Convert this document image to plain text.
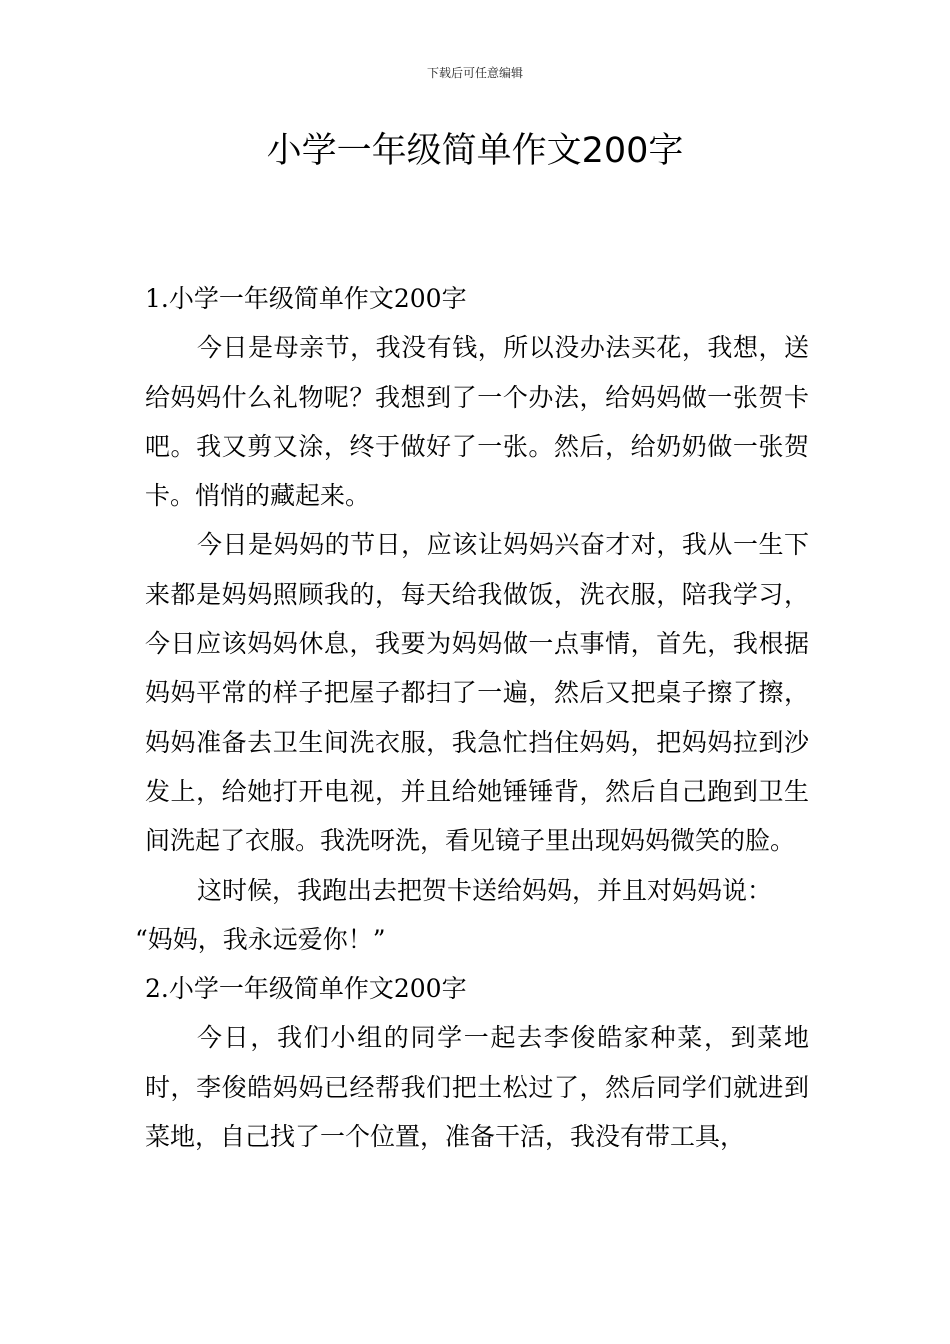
下载后可任意编辑
小学一年级简单作文200字

1.小学一年级简单作文200字

今日是母亲节，我没有钱，所以没办法买花，我想，送给妈妈什么礼物呢？我想到了一个办法，给妈妈做一张贺卡吧。我又剪又涂，终于做好了一张。然后，给奶奶做一张贺卡。悄悄的藏起来。

今日是妈妈的节日，应该让妈妈兴奋才对，我从一生下来都是妈妈照顾我的，每天给我做饭，洗衣服，陪我学习，今日应该妈妈休息，我要为妈妈做一点事情，首先，我根据妈妈平常的样子把屋子都扫了一遍，然后又把桌子擦了擦，妈妈准备去卫生间洗衣服，我急忙挡住妈妈，把妈妈拉到沙发上，给她打开电视，并且给她锤锤背，然后自己跑到卫生间洗起了衣服。我洗呀洗，看见镜子里出现妈妈微笑的脸。

这时候，我跑出去把贺卡送给妈妈，并且对妈妈说：

“妈妈，我永远爱你！”

2.小学一年级简单作文200字

今日，我们小组的同学一起去李俊皓家种菜，到菜地时，李俊皓妈妈已经帮我们把土松过了，然后同学们就进到菜地，自己找了一个位置，准备干活，我没有带工具，
